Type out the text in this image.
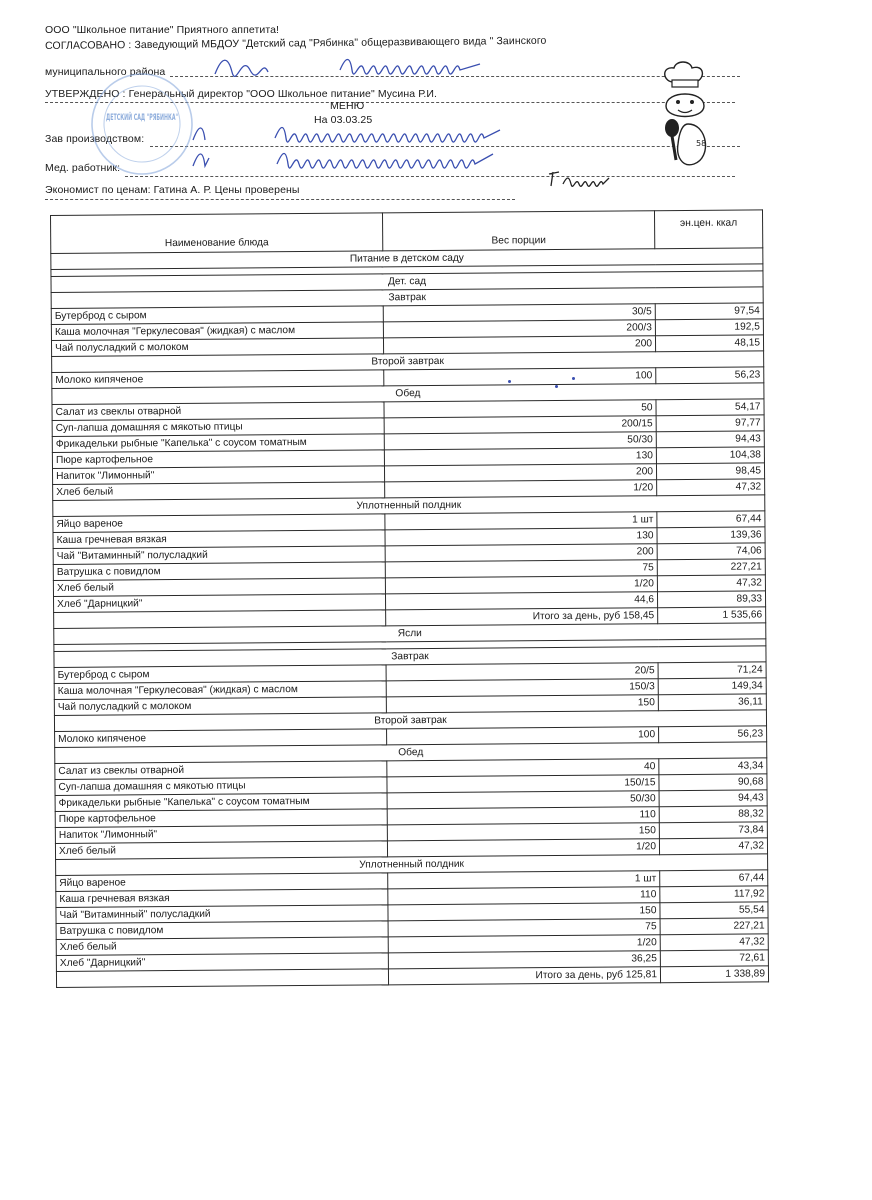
ООО "Школьное питание" Приятного аппетита!
СОГЛАСОВАНО : Заведующий МБДОУ "Детский сад "Рябинка" общеразвивающего вида " Заинского
муниципального района
УТВЕРЖДЕНО : Генеральный директор "ООО Школьное питание" Мусина Р.И.
МЕНЮ
На 03.03.25
Зав производством:
Мед. работник:
Экономист по ценам: Гатина А. Р. Цены проверены
ДЕТСКИЙ САД "РЯБИНКА"
58
Наименование блюда	Вес порции	эн.цен. ккал
Питание в детском саду		

Дет. сад		
Завтрак		
Бутерброд с сыром	30/5	97,54
Каша молочная "Геркулесовая" (жидкая) с маслом	200/3	192,5
Чай полусладкий с молоком	200	48,15
Второй завтрак		
Молоко кипяченое	100	56,23
Обед		
Салат из свеклы отварной	50	54,17
Суп-лапша домашняя с мякотью птицы	200/15	97,77
Фрикадельки рыбные "Капелька" с соусом томатным	50/30	94,43
Пюре картофельное	130	104,38
Напиток "Лимонный"	200	98,45
Хлеб белый	1/20	47,32
Уплотненный полдник		
Яйцо вареное	1 шт	67,44
Каша гречневая вязкая	130	139,36
Чай "Витаминный" полусладкий	200	74,06
Ватрушка с повидлом	75	227,21
Хлеб белый	1/20	47,32
Хлеб "Дарницкий"	44,6	89,33
	Итого за день, руб 158,45	1 535,66
Ясли		

Завтрак		
Бутерброд с сыром	20/5	71,24
Каша молочная "Геркулесовая" (жидкая) с маслом	150/3	149,34
Чай полусладкий с молоком	150	36,11
Второй завтрак		
Молоко кипяченое	100	56,23
Обед		
Салат из свеклы отварной	40	43,34
Суп-лапша домашняя с мякотью птицы	150/15	90,68
Фрикадельки рыбные "Капелька" с соусом томатным	50/30	94,43
Пюре картофельное	110	88,32
Напиток "Лимонный"	150	73,84
Хлеб белый	1/20	47,32
Уплотненный полдник		
Яйцо вареное	1 шт	67,44
Каша гречневая вязкая	110	117,92
Чай "Витаминный" полусладкий	150	55,54
Ватрушка с повидлом	75	227,21
Хлеб белый	1/20	47,32
Хлеб "Дарницкий"	36,25	72,61
	Итого за день, руб 125,81	1 338,89
